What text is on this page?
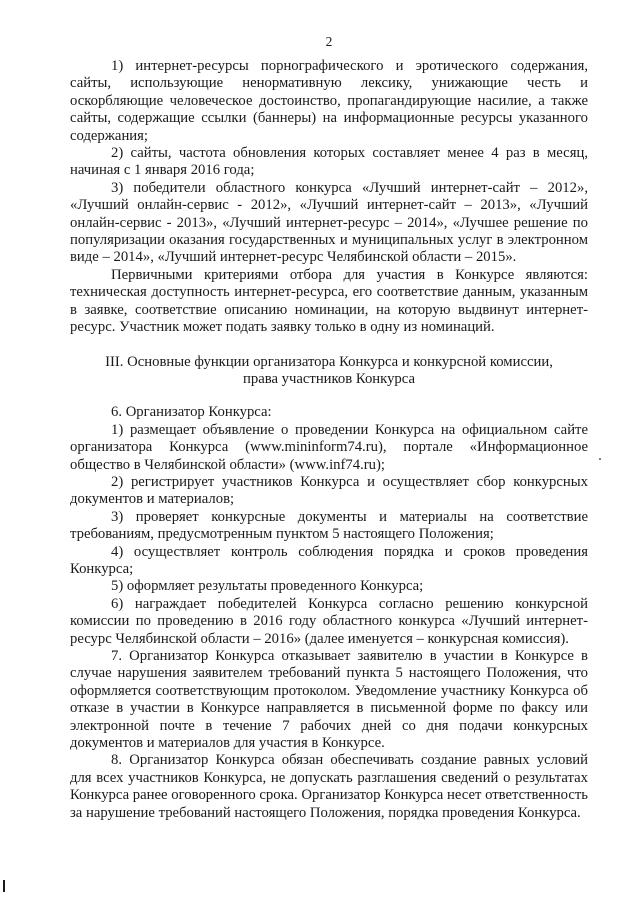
2

1) интернет-ресурсы порнографического и эротического содержания, сайты, использующие ненормативную лексику, унижающие честь и оскорбляющие человеческое достоинство, пропагандирующие насилие, а также сайты, содержащие ссылки (баннеры) на информационные ресурсы указанного содержания;

2) сайты, частота обновления которых составляет менее 4 раз в месяц, начиная с 1 января 2016 года;

3) победители областного конкурса «Лучший интернет-сайт – 2012», «Лучший онлайн-сервис - 2012», «Лучший интернет-сайт – 2013», «Лучший онлайн-сервис - 2013», «Лучший интернет-ресурс – 2014», «Лучшее решение по популяризации оказания государственных и муниципальных услуг в электронном виде – 2014», «Лучший интернет-ресурс Челябинской области – 2015».

Первичными критериями отбора для участия в Конкурсе являются: техническая доступность интернет-ресурса, его соответствие данным, указанным в заявке, соответствие описанию номинации, на которую выдвинут интернет-ресурс. Участник может подать заявку только в одну из номинаций.

III. Основные функции организатора Конкурса и конкурсной комиссии,
права участников Конкурса

6. Организатор Конкурса:

1) размещает объявление о проведении Конкурса на официальном сайте организатора Конкурса (www.mininform74.ru), портале «Информационное общество в Челябинской области» (www.inf74.ru);

2) регистрирует участников Конкурса и осуществляет сбор конкурсных документов и материалов;

3) проверяет конкурсные документы и материалы на соответствие требованиям, предусмотренным пунктом 5 настоящего Положения;

4) осуществляет контроль соблюдения порядка и сроков проведения Конкурса;

5) оформляет результаты проведенного Конкурса;

6) награждает победителей Конкурса согласно решению конкурсной комиссии по проведению в 2016 году областного конкурса «Лучший интернет-ресурс Челябинской области – 2016» (далее именуется – конкурсная комиссия).

7. Организатор Конкурса отказывает заявителю в участии в Конкурсе в случае нарушения заявителем требований пункта 5 настоящего Положения, что оформляется соответствующим протоколом. Уведомление участнику Конкурса об отказе в участии в Конкурсе направляется в письменной форме по факсу или электронной почте в течение 7 рабочих дней со дня подачи конкурсных документов и материалов для участия в Конкурсе.

8. Организатор Конкурса обязан обеспечивать создание равных условий для всех участников Конкурса, не допускать разглашения сведений о результатах Конкурса ранее оговоренного срока. Организатор Конкурса несет ответственность за нарушение требований настоящего Положения, порядка проведения Конкурса.
